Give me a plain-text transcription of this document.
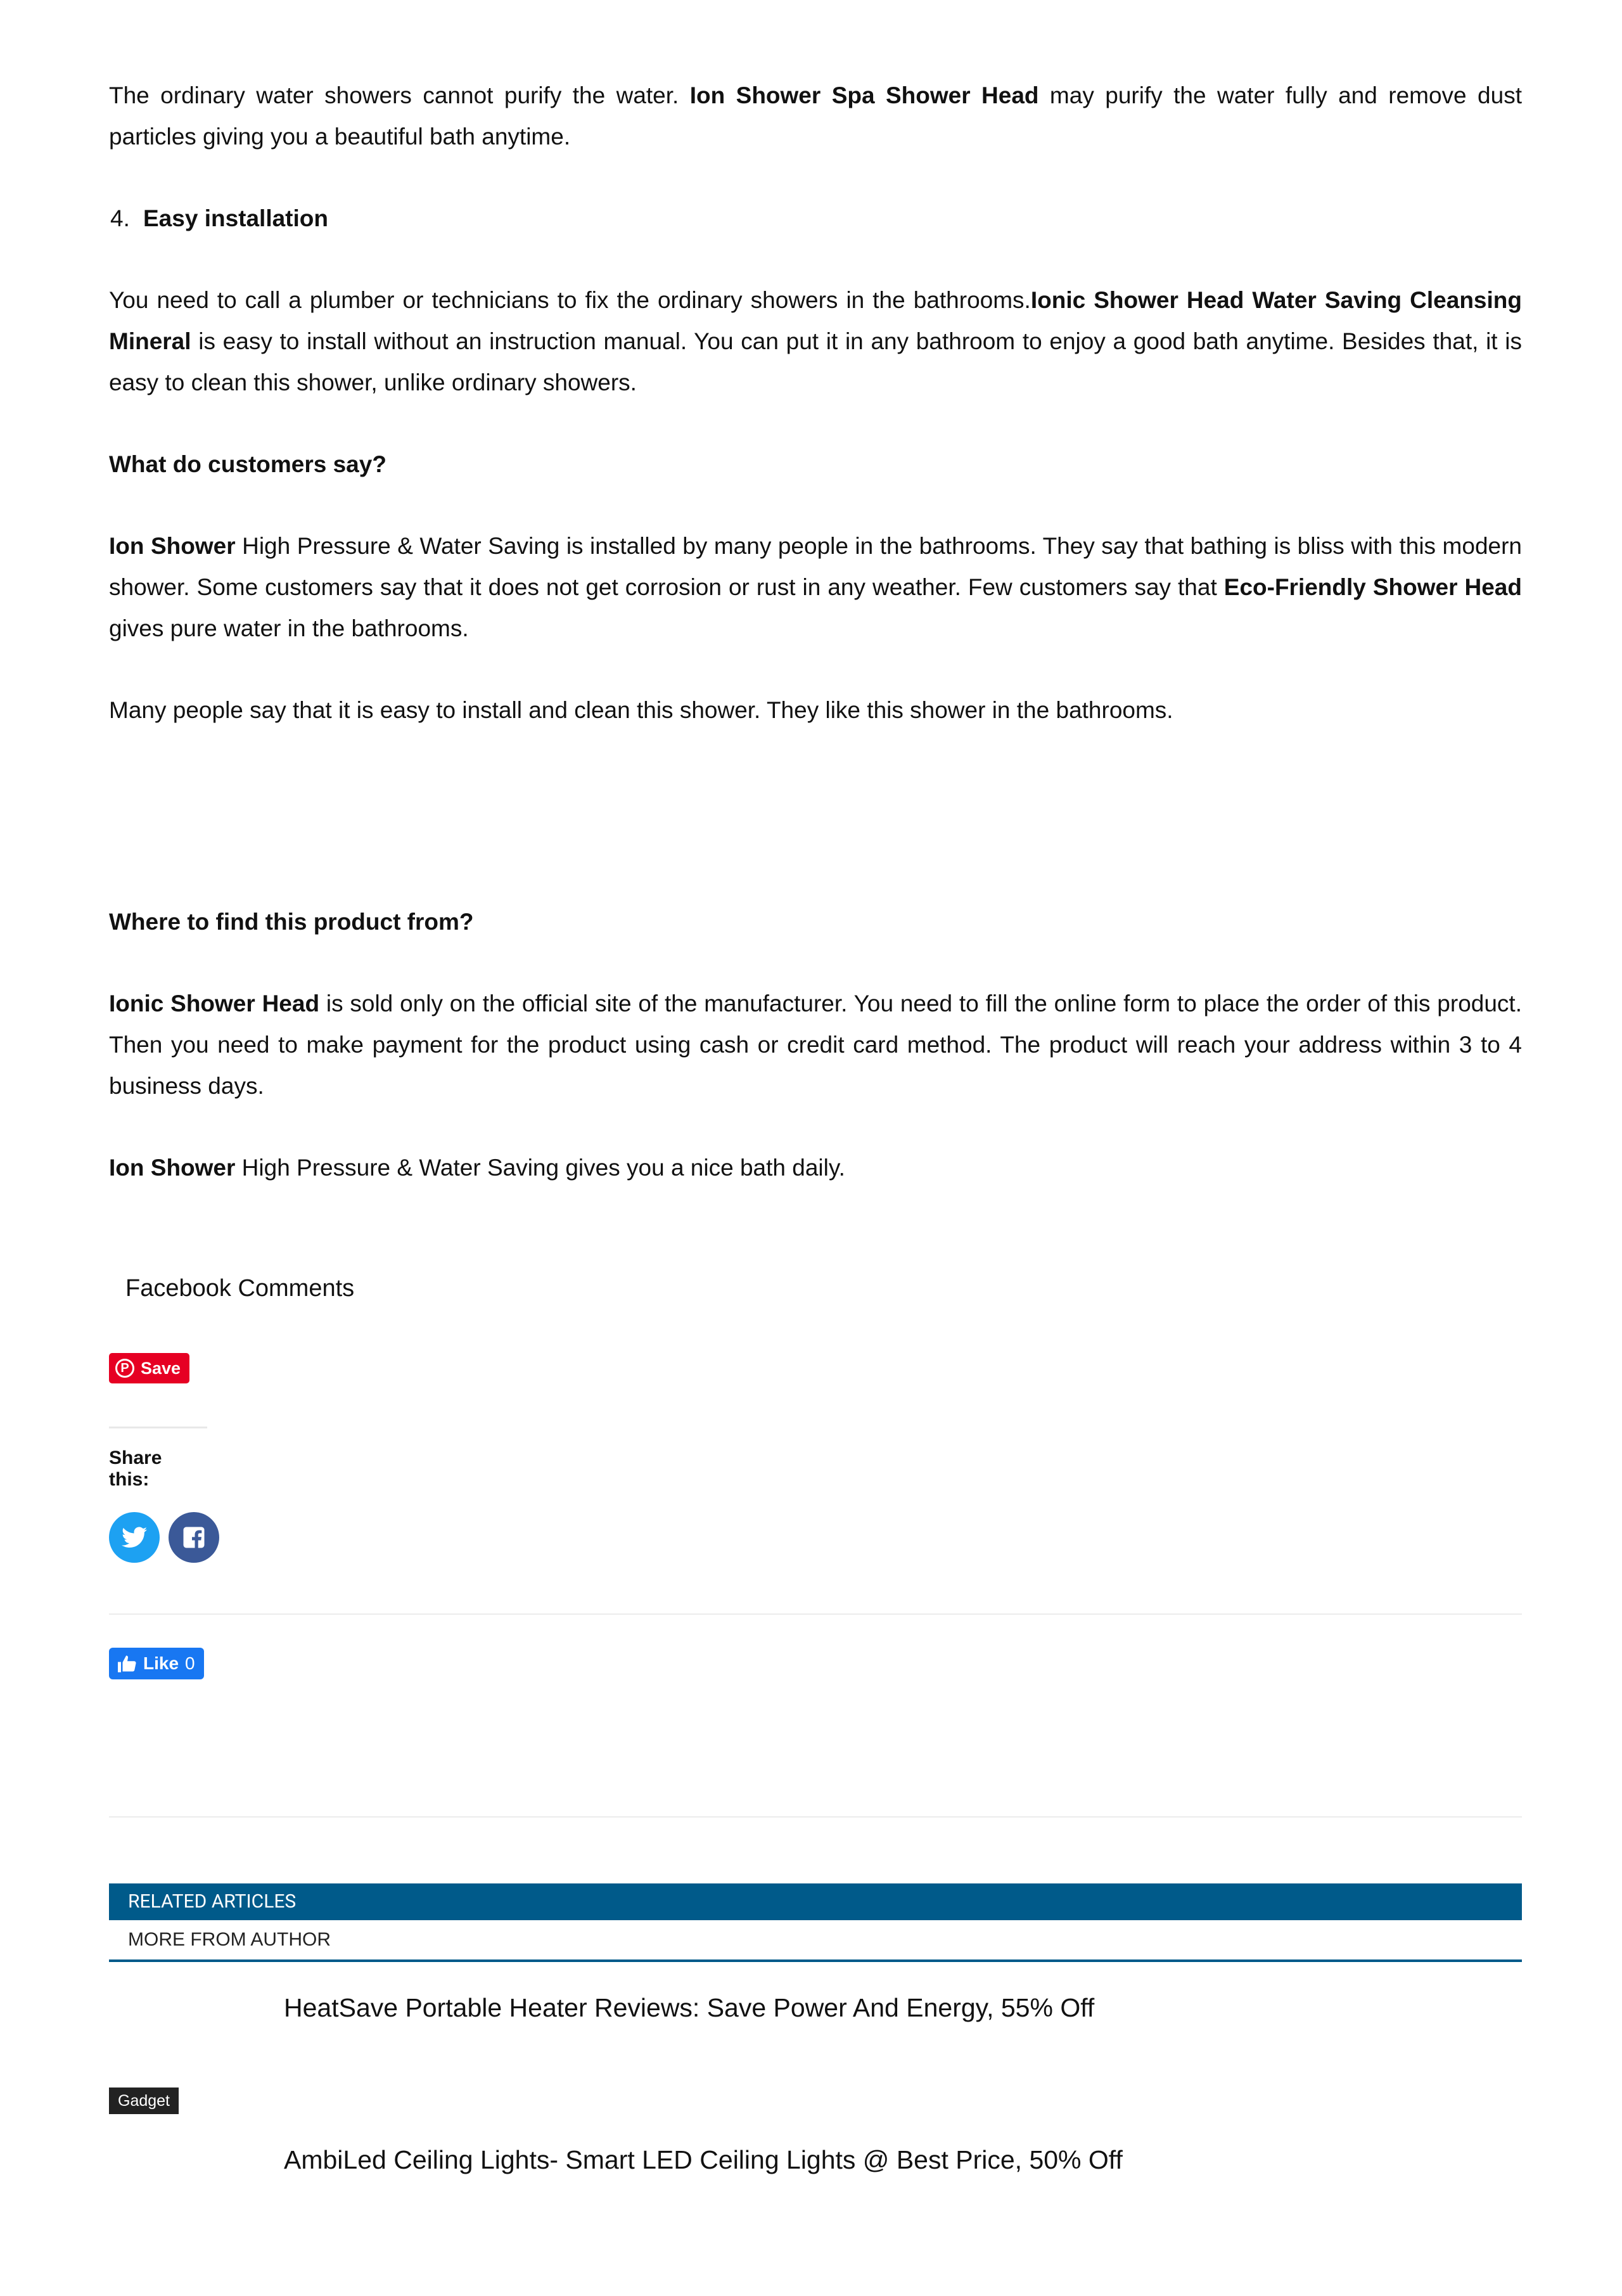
The ordinary water showers cannot purify the water. Ion Shower Spa Shower Head may purify the water fully and remove dust particles giving you a beautiful bath anytime.

4. Easy installation

You need to call a plumber or technicians to fix the ordinary showers in the bathrooms.Ionic Shower Head Water Saving Cleansing Mineral is easy to install without an instruction manual. You can put it in any bathroom to enjoy a good bath anytime. Besides that, it is easy to clean this shower, unlike ordinary showers.

What do customers say?

Ion Shower High Pressure & Water Saving is installed by many people in the bathrooms. They say that bathing is bliss with this modern shower. Some customers say that it does not get corrosion or rust in any weather. Few customers say that Eco-Friendly Shower Head gives pure water in the bathrooms.

Many people say that it is easy to install and clean this shower. They like this shower in the bathrooms.

Where to find this product from?

Ionic Shower Head is sold only on the official site of the manufacturer. You need to fill the online form to place the order of this product. Then you need to make payment for the product using cash or credit card method. The product will reach your address within 3 to 4 business days.

Ion Shower High Pressure & Water Saving gives you a nice bath daily.

Facebook Comments
P Save
Share this:
Like 0
RELATED ARTICLES
MORE FROM AUTHOR
HeatSave Portable Heater Reviews: Save Power And Energy, 55% Off
Gadget
AmbiLed Ceiling Lights- Smart LED Ceiling Lights @ Best Price, 50% Off
